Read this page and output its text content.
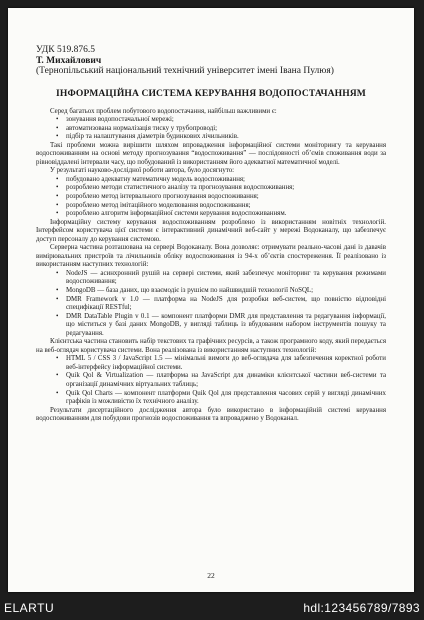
УДК 519.876.5
Т. Михайлович
(Тернопільський національний технічний університет імені Івана Пулюя)
ІНФОРМАЦІЙНА СИСТЕМА КЕРУВАННЯ ВОДОПОСТАЧАННЯМ

Серед багатьох проблем побутового водопостачання, найбільш важливими є:

• зонування водопостачальної мережі;
• автоматизована нормалізація тиску у трубопроводі;
• підбір та налаштування діаметрів будинкових лічильників.

Такі проблеми можна вирішити шляхом впровадження інформаційної системи моніторингу та керування водоспоживанням на основі методу прогнозування “водоспоживання” — послідовності об’ємів споживання води за рівновіддалені інтервали часу, що побудований із використанням його адекватної математичної моделі.

У результаті науково-дослідної роботи автора, було досягнуто:

• побудовано адекватну математичну модель водоспоживання;
• розроблено методи статистичного аналізу та прогнозування водоспоживання;
• розроблено метод інтервального прогнозування водоспоживання;
• розроблено метод імітаційного моделювання водоспоживання;
• розроблено алгоритм інформаційної системи керування водоспоживанням.

Інформаційну систему керування водоспоживанням розроблено із використанням новітніх технологій. Інтерфейсом користувача цієї системи є інтерактивний динамічний веб-сайт у мережі Водоканалу, що забезпечує доступ персоналу до керування системою.

Серверна частина розташована на сервері Водоканалу. Вона дозволяє: отримувати реально-часові дані із давачів вимірювальних пристроїв та лічильників обліку водоспоживання із 94-х об’єктів спостереження. Її реалізовано із використанням наступних технологій:

• NodeJS — асинхронний рушій на сервері системи, який забезпечує моніторинг та керування режимами водоспоживання;
• MongoDB — база даних, що взаємодіє із рушієм по найшвидшій технології NoSQL;
• DMR Framework v 1.0 — платформа на NodeJS для розробки веб-систем, що повністю відповідні специфікації RESTful;
• DMR DataTable Plugin v 0.1 — компонент платформи DMR для представлення та редагування інформації, що міститься у базі даних MongoDB, у вигляді таблиць із вбудованим набором інструментів пошуку та редагування.

Клієнтська частина становить набір текстових та графічних ресурсів, а також програмного коду, який передається на веб-оглядач користувача системи. Вона реалізована із використанням наступних технологій:

• HTML 5 / CSS 3 / JavaScript 1.5 — мінімальні вимоги до веб-оглядача для забезпечення коректної роботи веб-інтерфейсу інформаційної системи.
• Quik Qol & Virtualization — платформа на JavaScript для динаміки клієнтської частини веб-системи та організації динамічних віртуальних таблиць;
• Quik Qol Charts — компонент платформи Quik Qol для представлення часових серій у вигляді динамічних графіків із можливістю їх технічного аналізу.

Результати дисертаційного дослідження автора було використано в інформаційній системі керування водоспоживанням для побудови прогнозів водоспоживання та впроваджено у Водоканал.

22
ELARTU	hdl:123456789/7893
